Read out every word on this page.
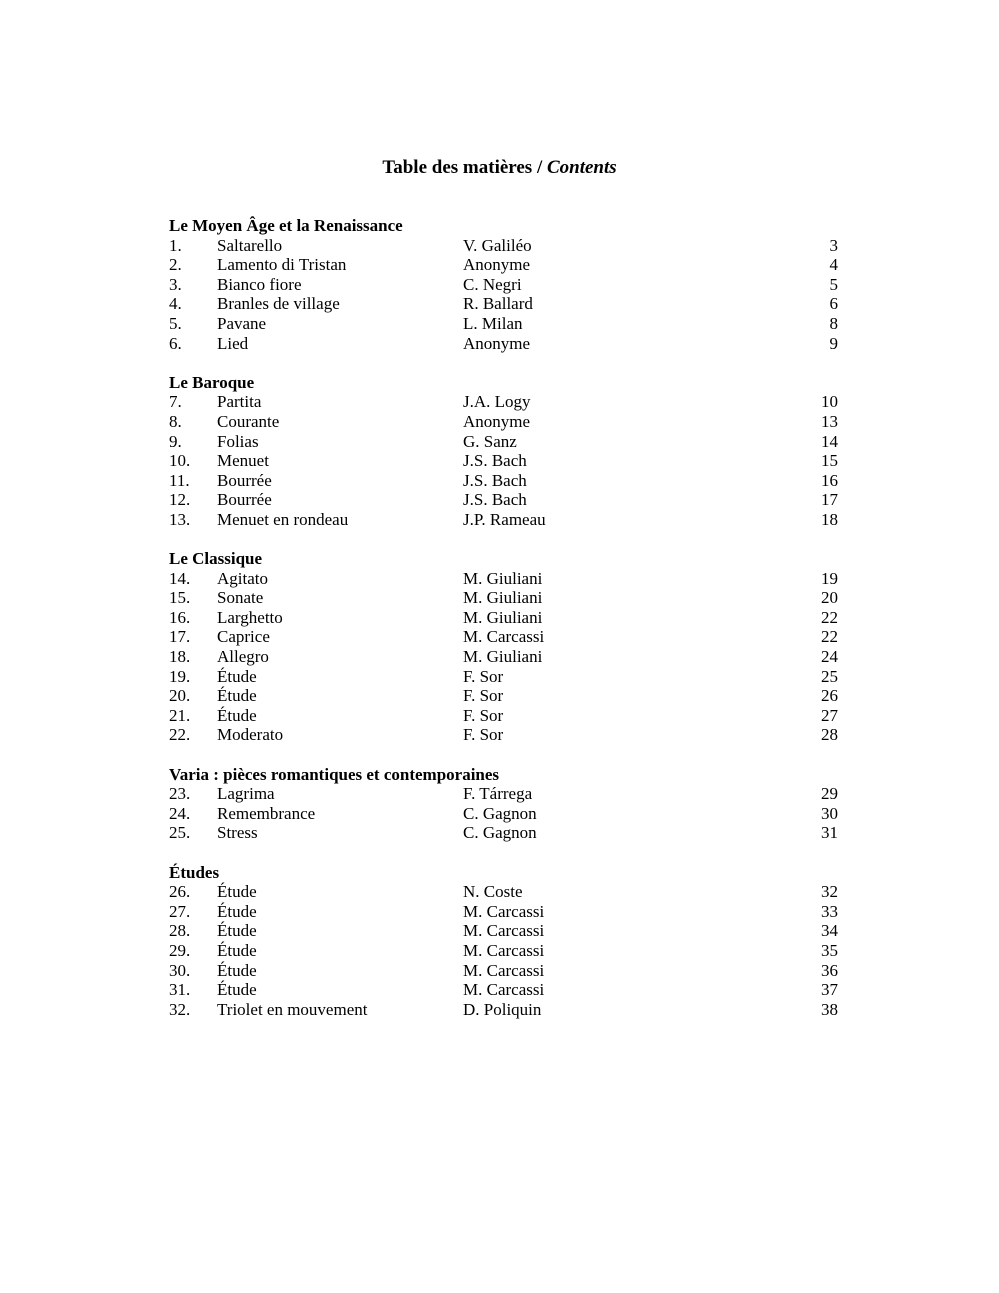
Table des matières / Contents
Le Moyen Âge et la Renaissance
1. Saltarello	V. Galiléo	3
2. Lamento di Tristan	Anonyme	4
3. Bianco fiore	C. Negri	5
4. Branles de village	R. Ballard	6
5. Pavane	L. Milan	8
6. Lied	Anonyme	9
Le Baroque
7. Partita	J.A. Logy	10
8. Courante	Anonyme	13
9. Folias	G. Sanz	14
10. Menuet	J.S. Bach	15
11. Bourrée	J.S. Bach	16
12. Bourrée	J.S. Bach	17
13. Menuet en rondeau	J.P. Rameau	18
Le Classique
14. Agitato	M. Giuliani	19
15. Sonate	M. Giuliani	20
16. Larghetto	M. Giuliani	22
17. Caprice	M. Carcassi	22
18. Allegro	M. Giuliani	24
19. Étude	F. Sor	25
20. Étude	F. Sor	26
21. Étude	F. Sor	27
22. Moderato	F. Sor	28
Varia : pièces romantiques et contemporaines
23. Lagrima	F. Tárrega	29
24. Remembrance	C. Gagnon	30
25. Stress	C. Gagnon	31
Études
26. Étude	N. Coste	32
27. Étude	M. Carcassi	33
28. Étude	M. Carcassi	34
29. Étude	M. Carcassi	35
30. Étude	M. Carcassi	36
31. Étude	M. Carcassi	37
32. Triolet en mouvement	D. Poliquin	38
